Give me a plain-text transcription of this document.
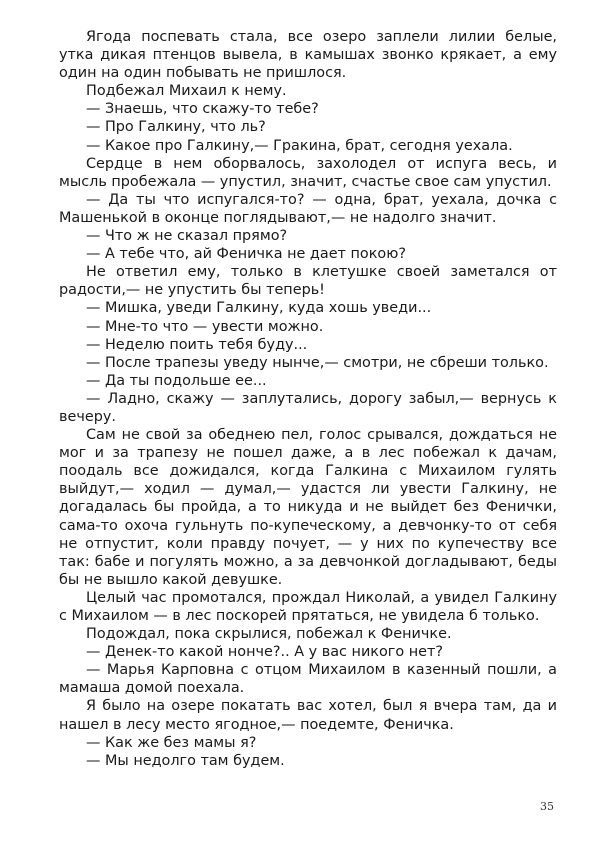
Ягода поспевать стала, все озеро заплели лилии белые, утка дикая птенцов вывела, в камышах звонко крякает, а ему один на один побывать не пришлося.

Подбежал Михаил к нему.

— Знаешь, что скажу-то тебе?

— Про Галкину, что ль?

— Какое про Галкину,— Гракина, брат, сегодня уехала.

Сердце в нем оборвалось, захолодел от испуга весь, и мысль пробежала — упустил, значит, счастье свое сам упустил.

— Да ты что испугался-то? — одна, брат, уехала, дочка с Машенькой в оконце поглядывают,— не надолго значит.

— Что ж не сказал прямо?

— А тебе что, ай Феничка не дает покою?

Не ответил ему, только в клетушке своей заметался от радости,— не упустить бы теперь!

— Мишка, уведи Галкину, куда хошь уведи...

— Мне-то что — увести можно.

— Неделю поить тебя буду...

— После трапезы уведу нынче,— смотри, не сбреши только.

— Да ты подольше ее...

— Ладно, скажу — заплутались, дорогу забыл,— вернусь к вечеру.

Сам не свой за обеднею пел, голос срывался, дождаться не мог и за трапезу не пошел даже, а в лес побежал к дачам, поодаль все дожидался, когда Галкина с Михаилом гулять выйдут,— ходил — думал,— удастся ли увести Галкину, не догадалась бы пройда, а то никуда и не выйдет без Фенички, сама-то охоча гульнуть по-купеческому, а девчонку-то от себя не отпустит, коли правду почует, — у них по купечеству все так: бабе и погулять можно, а за девчонкой догладывают, беды бы не вышло какой девушке.

Целый час промотался, прождал Николай, а увидел Галкину с Михаилом — в лес поскорей прятаться, не увидела б только.

Подождал, пока скрылися, побежал к Феничке.

— Денек-то какой нонче?.. А у вас никого нет?

— Марья Карповна с отцом Михаилом в казенный пошли, а мамаша домой поехала.

Я было на озере покатать вас хотел, был я вчера там, да и нашел в лесу место ягодное,— поедемте, Феничка.

— Как же без мамы я?

— Мы недолго там будем.

35
